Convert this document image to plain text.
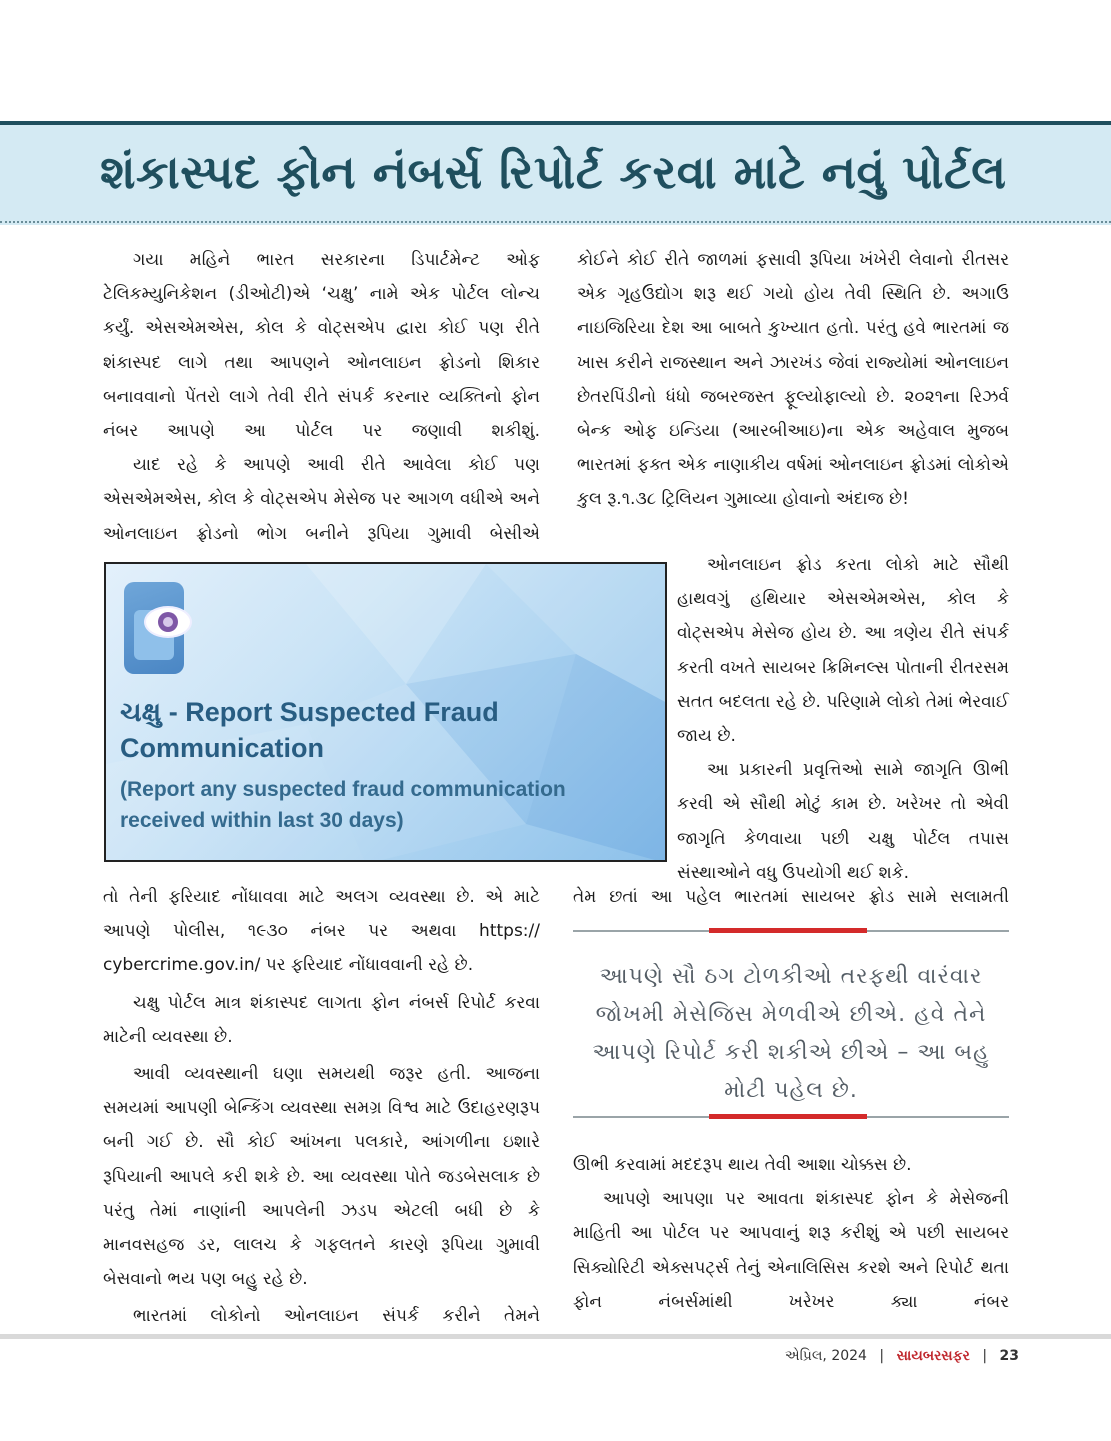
શંકાસ્પદ ફોન નંબર્સ રિપોર્ટ કરવા માટે નવું પોર્ટલ

ગયા મહિને ભારત સરકારના ડિપાર્ટમેન્ટ ઓફ ટેલિકમ્યુનિકેશન (ડીઓટી)એ ‘ચક્ષુ’ નામે એક પોર્ટલ લોન્ચ કર્યું. એસએમએસ, કોલ કે વોટ્સએપ દ્વારા કોઈ પણ રીતે શંકાસ્પદ લાગે તથા આપણને ઓનલાઇન ફ્રોડનો શિકાર બનાવવાનો પેંતરો લાગે તેવી રીતે સંપર્ક કરનાર વ્યક્તિનો ફોન નંબર આપણે આ પોર્ટલ પર જણાવી શકીશું.

યાદ રહે કે આપણે આવી રીતે આવેલા કોઈ પણ એસએમએસ, કોલ કે વોટ્સએપ મેસેજ પર આગળ વધીએ અને ઓનલાઇન ફ્રોડનો ભોગ બનીને રૂપિયા ગુમાવી બેસીએ

ચક્ષુ - Report Suspected Fraud Communication
(Report any suspected fraud communication received within last 30 days)

તો તેની ફરિયાદ નોંધાવવા માટે અલગ વ્યવસ્થા છે. એ માટે આપણે પોલીસ, ૧૯૩૦ નંબર પર અથવા https:// cybercrime.gov.in/ પર ફરિયાદ નોંધાવવાની રહે છે.

ચક્ષુ પોર્ટલ માત્ર શંકાસ્પદ લાગતા ફોન નંબર્સ રિપોર્ટ કરવા માટેની વ્યવસ્થા છે.

આવી વ્યવસ્થાની ઘણા સમયથી જરૂર હતી. આજના સમયમાં આપણી બેન્કિંગ વ્યવસ્થા સમગ્ર વિશ્વ માટે ઉદાહરણરૂપ બની ગઈ છે. સૌ કોઈ આંખના પલકારે, આંગળીના ઇશારે રૂપિયાની આપલે કરી શકે છે. આ વ્યવસ્થા પોતે જડબેસલાક છે પરંતુ તેમાં નાણાંની આપલેની ઝડપ એટલી બધી છે કે માનવસહજ ડર, લાલચ કે ગફલતને કારણે રૂપિયા ગુમાવી બેસવાનો ભય પણ બહુ રહે છે.

ભારતમાં લોકોનો ઓનલાઇન સંપર્ક કરીને તેમને

કોઈને કોઈ રીતે જાળમાં ફસાવી રૂપિયા ખંખેરી લેવાનો રીતસર એક ગૃહઉદ્યોગ શરૂ થઈ ગયો હોય તેવી સ્થિતિ છે. અગાઉ નાઇજિરિયા દેશ આ બાબતે કુખ્યાત હતો. પરંતુ હવે ભારતમાં જ ખાસ કરીને રાજસ્થાન અને ઝારખંડ જેવાં રાજ્યોમાં ઓનલાઇન છેતરપિંડીનો ધંધો જબરજસ્ત ફૂલ્યોફાલ્યો છે. ૨૦૨૧ના રિઝર્વ બેન્ક ઓફ ઇન્ડિયા (આરબીઆઇ)ના એક અહેવાલ મુજબ ભારતમાં ફક્ત એક નાણાકીય વર્ષમાં ઓનલાઇન ફ્રોડમાં લોકોએ કુલ રૂ.૧.૩૮ ટ્રિલિયન ગુમાવ્યા હોવાનો અંદાજ છે!

ઓનલાઇન ફ્રોડ કરતા લોકો માટે સૌથી હાથવગું હથિયાર એસએમએસ, કોલ કે વોટ્સએપ મેસેજ હોય છે. આ ત્રણેય રીતે સંપર્ક કરતી વખતે સાયબર ક્રિમિનલ્સ પોતાની રીતરસમ સતત બદલતા રહે છે. પરિણામે લોકો તેમાં ભેરવાઈ જાય છે.

આ પ્રકારની પ્રવૃત્તિઓ સામે જાગૃતિ ઊભી કરવી એ સૌથી મોટું કામ છે. ખરેખર તો એવી જાગૃતિ કેળવાયા પછી ચક્ષુ પોર્ટલ તપાસ સંસ્થાઓને વધુ ઉપયોગી થઈ શકે.

તેમ છતાં આ પહેલ ભારતમાં સાયબર ફ્રોડ સામે સલામતી

આપણે સૌ ઠગ ટોળકીઓ તરફથી વારંવાર જોખમી મેસેજિસ મેળવીએ છીએ. હવે તેને આપણે રિપોર્ટ કરી શકીએ છીએ – આ બહુ મોટી પહેલ છે.

ઊભી કરવામાં મદદરૂપ થાય તેવી આશા ચોક્કસ છે.

આપણે આપણા પર આવતા શંકાસ્પદ ફોન કે મેસેજની માહિતી આ પોર્ટલ પર આપવાનું શરૂ કરીશું એ પછી સાયબર સિક્યોરિટી એક્સપર્ટ્સ તેનું એનાલિસિસ કરશે અને રિપોર્ટ થતા ફોન નંબર્સમાંથી ખરેખર ક્યા નંબર

એપ્રિલ, 2024 | સાયબરસફર | 23
